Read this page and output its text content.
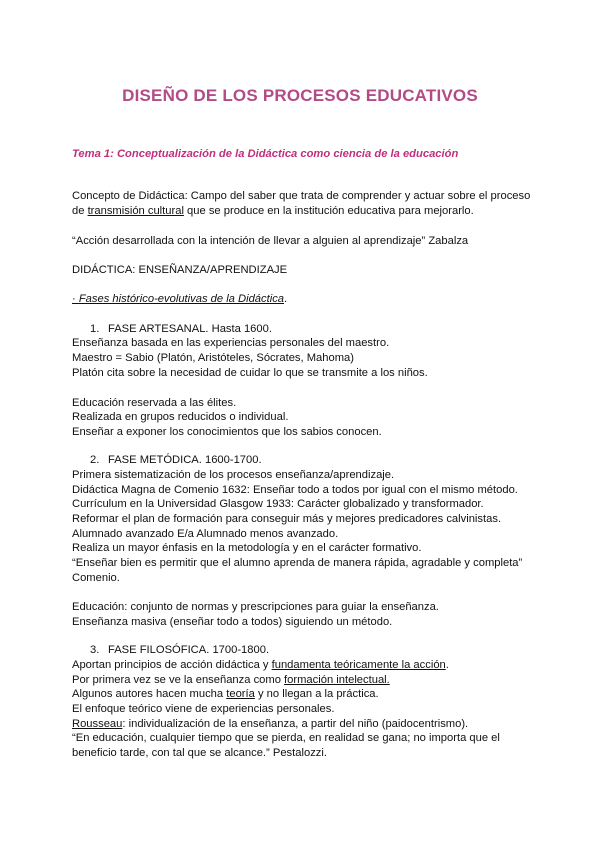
DISEÑO DE LOS PROCESOS EDUCATIVOS
Tema 1: Conceptualización de la Didáctica como ciencia de la educación
Concepto de Didáctica: Campo del saber que trata de comprender y actuar sobre el proceso
de transmisión cultural que se produce en la institución educativa para mejorarlo.
“Acción desarrollada con la intención de llevar a alguien al aprendizaje” Zabalza
DIDÁCTICA: ENSEÑANZA/APRENDIZAJE
· Fases histórico-evolutivas de la Didáctica.
1. FASE ARTESANAL. Hasta 1600.
Enseñanza basada en las experiencias personales del maestro.
Maestro = Sabio (Platón, Aristóteles, Sócrates, Mahoma)
Platón cita sobre la necesidad de cuidar lo que se transmite a los niños.
Educación reservada a las élites.
Realizada en grupos reducidos o individual.
Enseñar a exponer los conocimientos que los sabios conocen.
2. FASE METÓDICA. 1600-1700.
Primera sistematización de los procesos enseñanza/aprendizaje.
Didáctica Magna de Comenio 1632: Enseñar todo a todos por igual con el mismo método.
Currículum en la Universidad Glasgow 1933: Carácter globalizado y transformador.
Reformar el plan de formación para conseguir más y mejores predicadores calvinistas.
Alumnado avanzado E/a Alumnado menos avanzado.
Realiza un mayor énfasis en la metodología y en el carácter formativo.
“Enseñar bien es permitir que el alumno aprenda de manera rápida, agradable y completa”
Comenio.
Educación: conjunto de normas y prescripciones para guiar la enseñanza.
Enseñanza masiva (enseñar todo a todos) siguiendo un método.
3. FASE FILOSÓFICA. 1700-1800.
Aportan principios de acción didáctica y fundamenta teóricamente la acción.
Por primera vez se ve la enseñanza como formación intelectual.
Algunos autores hacen mucha teoría y no llegan a la práctica.
El enfoque teórico viene de experiencias personales.
Rousseau: individualización de la enseñanza, a partir del niño (paidocentrismo).
“En educación, cualquier tiempo que se pierda, en realidad se gana; no importa que el
beneficio tarde, con tal que se alcance.” Pestalozzi.
